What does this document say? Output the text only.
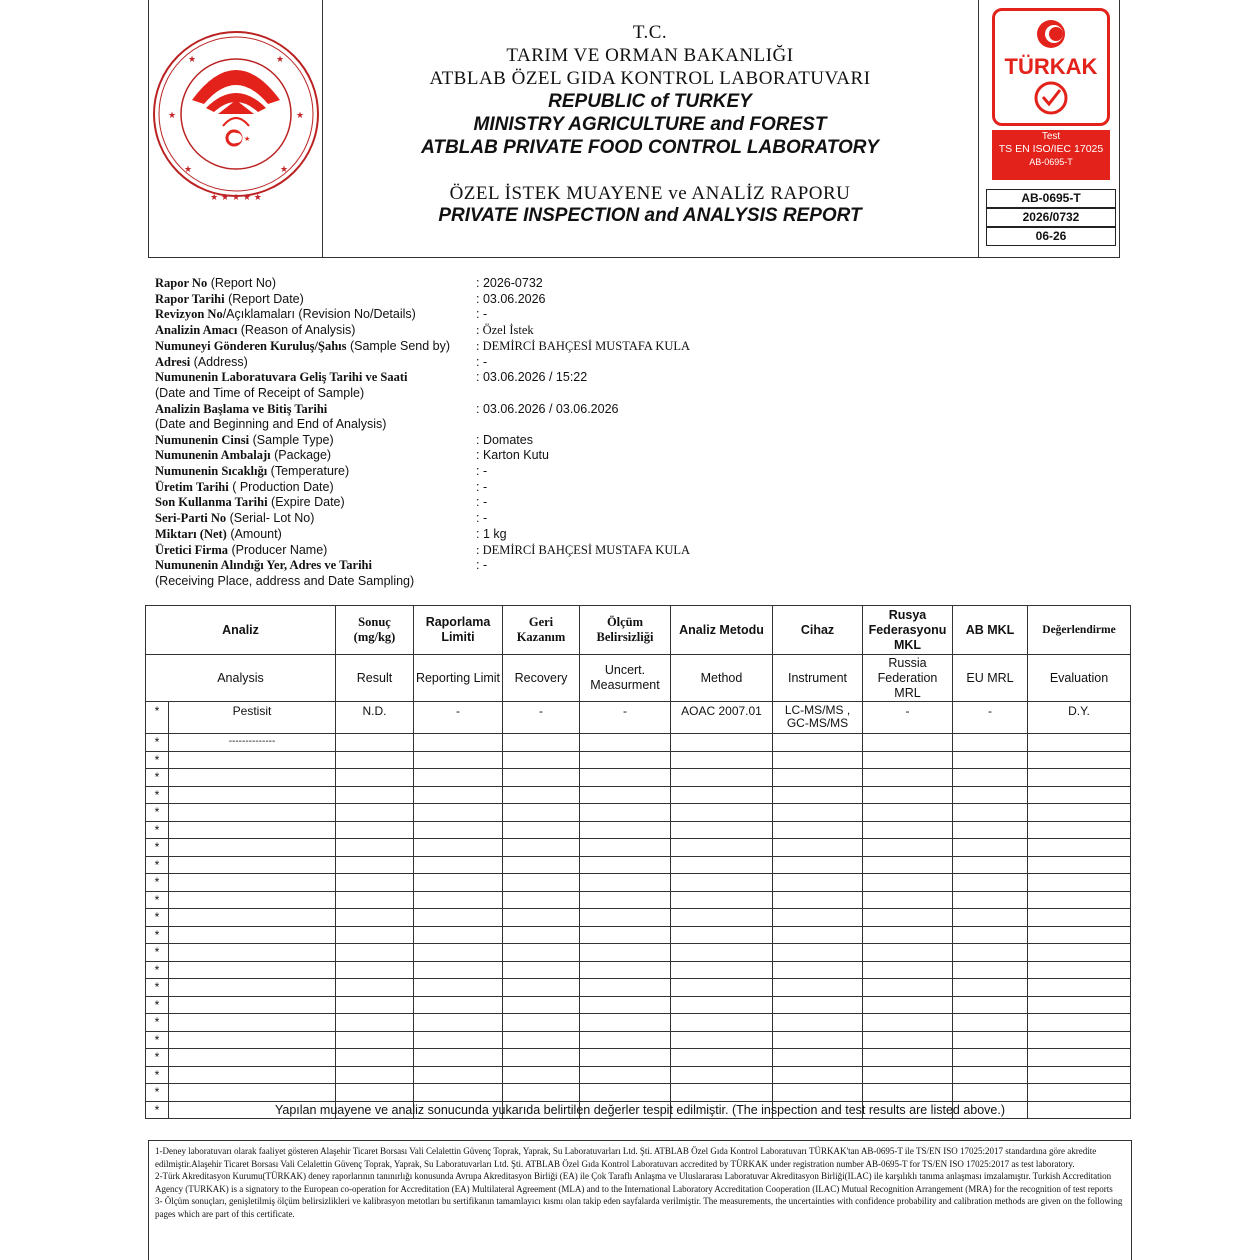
★ ★ ★ ★ ★
★	★
★	★
★	★
★
T.C.
TARIM VE ORMAN BAKANLIĞI
ATBLAB ÖZEL GIDA KONTROL LABORATUVARI
REPUBLIC of TURKEY
MINISTRY AGRICULTURE and FOREST
ATBLAB PRIVATE FOOD CONTROL LABORATORY
ÖZEL İSTEK MUAYENE ve ANALİZ RAPORU
PRIVATE INSPECTION and ANALYSIS REPORT
TÜRKAK
Test
TS EN ISO/IEC 17025
AB-0695-T
AB-0695-T
2026/0732
06-26
Rapor No (Report No)	: 2026-0732
Rapor Tarihi (Report Date)	: 03.06.2026
Revizyon No/Açıklamaları (Revision No/Details)	: -
Analizin Amacı (Reason of Analysis)	: Özel İstek
Numuneyi Gönderen Kuruluş/Şahıs (Sample Send by) : DEMİRCİ BAHÇESİ MUSTAFA KULA
Adresi (Address)	: -
Numunenin Laboratuvara Geliş Tarihi ve Saati	: 03.06.2026 / 15:22
(Date and Time of Receipt of Sample)
Analizin Başlama ve Bitiş Tarihi	: 03.06.2026 / 03.06.2026
(Date and Beginning and End of Analysis)
Numunenin Cinsi (Sample Type)	: Domates
Numunenin Ambalajı (Package)	: Karton Kutu
Numunenin Sıcaklığı (Temperature)	: -
Üretim Tarihi ( Production Date)	: -
Son Kullanma Tarihi (Expire Date)	: -
Seri-Parti No (Serial- Lot No)	: -
Miktarı (Net) (Amount)	: 1 kg
Üretici Firma (Producer Name)	: DEMİRCİ BAHÇESİ MUSTAFA KULA
Numunenin Alındığı Yer, Adres ve Tarihi	: -
(Receiving Place, address and Date Sampling)
Analiz		Sonuç (mg/kg)	Raporlama Limiti	Geri Kazanım	Ölçüm Belirsizliği	Analiz Metodu	Cihaz	Rusya Federasyonu MKL	AB MKL	Değerlendirme
Analysis		Result	Reporting Limit	Recovery	Uncert. Measurment	Method	Instrument	Russia Federation MRL	EU MRL	Evaluation
*	Pestisit	N.D.	-	-	-	AOAC 2007.01	LC-MS/MS , GC-MS/MS	-	-	D.Y.
*	--------------									
*										
*										
*										
*										
*										
*										
*										
*										
*										
*										
*										
*										
*										
*										
*										
*										
*										
*										
*										
*										
*											Yapılan muayene ve analiz sonucunda yukarıda belirtilen değerler tespit edilmiştir. (The inspection and test results are listed above.)

1-Deney laboratuvarı olarak faaliyet gösteren Alaşehir Ticaret Borsası Vali Celalettin Güvenç Toprak, Yaprak, Su Laboratuvarları Ltd. Şti. ATBLAB Özel Gıda Kontrol Laboratuvarı TÜRKAK'tan AB-0695-T ile TS/EN ISO 17025:2017 standardına göre akredite edilmiştir.Alaşehir Ticaret Borsası Vali Celalettin Güvenç Toprak, Yaprak, Su Laboratuvarları Ltd. Şti. ATBLAB Özel Gıda Kontrol Laboratuvarı accredited by TÜRKAK under registration number AB-0695-T for TS/EN ISO 17025:2017 as test laboratory.

2-Türk Akreditasyon Kurumu(TÜRKAK) deney raporlarının tanınırlığı konusunda Avrupa Akreditasyon Birliği (EA) ile Çok Taraflı Anlaşma ve Uluslararası Laboratuvar Akreditasyon Birliği(ILAC) ile karşılıklı tanıma anlaşması imzalamıştır. Turkish Accreditation Agency (TURKAK) is a signatory to the European co-operation for Accreditation (EA) Multilateral Agreement (MLA) and to the International Laboratory Accreditation Cooperation (ILAC) Mutual Recognition Arrangement (MRA) for the recognition of test reports

3- Ölçüm sonuçları, genişletilmiş ölçüm belirsizlikleri ve kalibrasyon metotları bu sertifikanın tamamlayıcı kısmı olan takip eden sayfalarda verilmiştir. The measurements, the uncertainties with confidence probability and calibration methods are given on the following pages which are part of this certificate.
